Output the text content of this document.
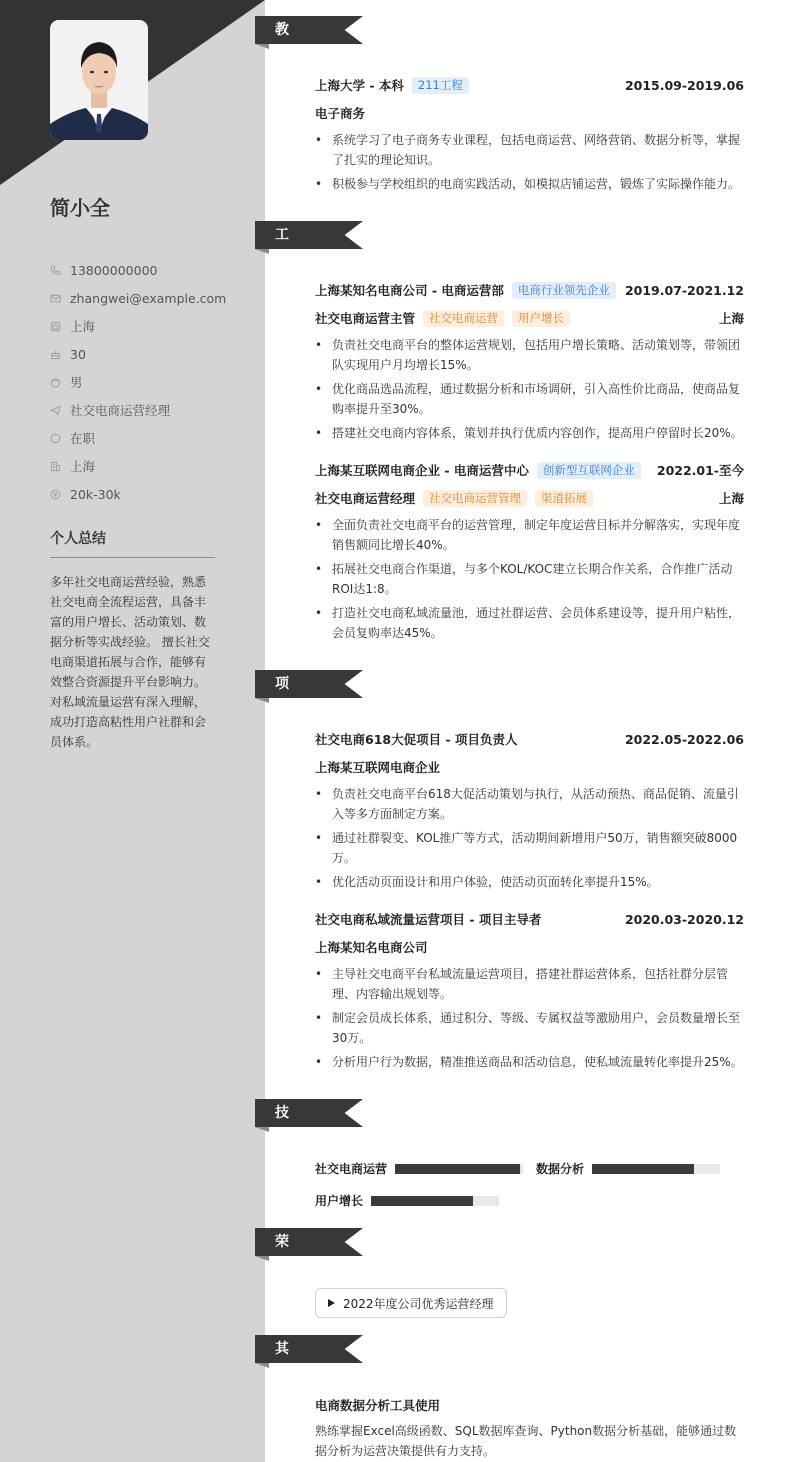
简小全
13800000000
zhangwei@example.com
上海
30
男
社交电商运营经理
在职
上海
20k-30k
个人总结
多年社交电商运营经验，熟悉社交电商全流程运营，具备丰富的用户增长、活动策划、数据分析等实战经验。 擅长社交电商渠道拓展与合作，能够有效整合资源提升平台影响力。对私域流量运营有深入理解，成功打造高粘性用户社群和会员体系。
教育经历
上海大学 - 本科	211工程	2015.09-2019.06
电子商务
• 系统学习了电子商务专业课程，包括电商运营、网络营销、数据分析等，掌握了扎实的理论知识。
• 积极参与学校组织的电商实践活动，如模拟店铺运营，锻炼了实际操作能力。
工作经历
上海某知名电商公司 - 电商运营部	电商行业领先企业	2019.07-2021.12
社交电商运营主管	社交电商运营	用户增长	上海
• 负责社交电商平台的整体运营规划，包括用户增长策略、活动策划等，带领团队实现用户月均增长15%。
• 优化商品选品流程，通过数据分析和市场调研，引入高性价比商品，使商品复购率提升至30%。
• 搭建社交电商内容体系，策划并执行优质内容创作，提高用户停留时长20%。
上海某互联网电商企业 - 电商运营中心	创新型互联网企业	2022.01-至今
社交电商运营经理	社交电商运营管理	渠道拓展	上海
• 全面负责社交电商平台的运营管理，制定年度运营目标并分解落实，实现年度销售额同比增长40%。
• 拓展社交电商合作渠道，与多个KOL/KOC建立长期合作关系，合作推广活动ROI达1:8。
• 打造社交电商私域流量池，通过社群运营、会员体系建设等，提升用户粘性，会员复购率达45%。
项目经历
社交电商618大促项目 - 项目负责人	2022.05-2022.06
上海某互联网电商企业
• 负责社交电商平台618大促活动策划与执行，从活动预热、商品促销、流量引入等多方面制定方案。
• 通过社群裂变、KOL推广等方式，活动期间新增用户50万，销售额突破8000万。
• 优化活动页面设计和用户体验，使活动页面转化率提升15%。
社交电商私域流量运营项目 - 项目主导者	2020.03-2020.12
上海某知名电商公司
• 主导社交电商平台私域流量运营项目，搭建社群运营体系，包括社群分层管理、内容输出规划等。
• 制定会员成长体系，通过积分、等级、专属权益等激励用户，会员数量增长至30万。
• 分析用户行为数据，精准推送商品和活动信息，使私域流量转化率提升25%。
技能专长
社交电商运营	数据分析
用户增长
荣誉奖项
2022年度公司优秀运营经理
其他信息
电商数据分析工具使用
熟练掌握Excel高级函数、SQL数据库查询、Python数据分析基础，能够通过数据分析为运营决策提供有力支持。
